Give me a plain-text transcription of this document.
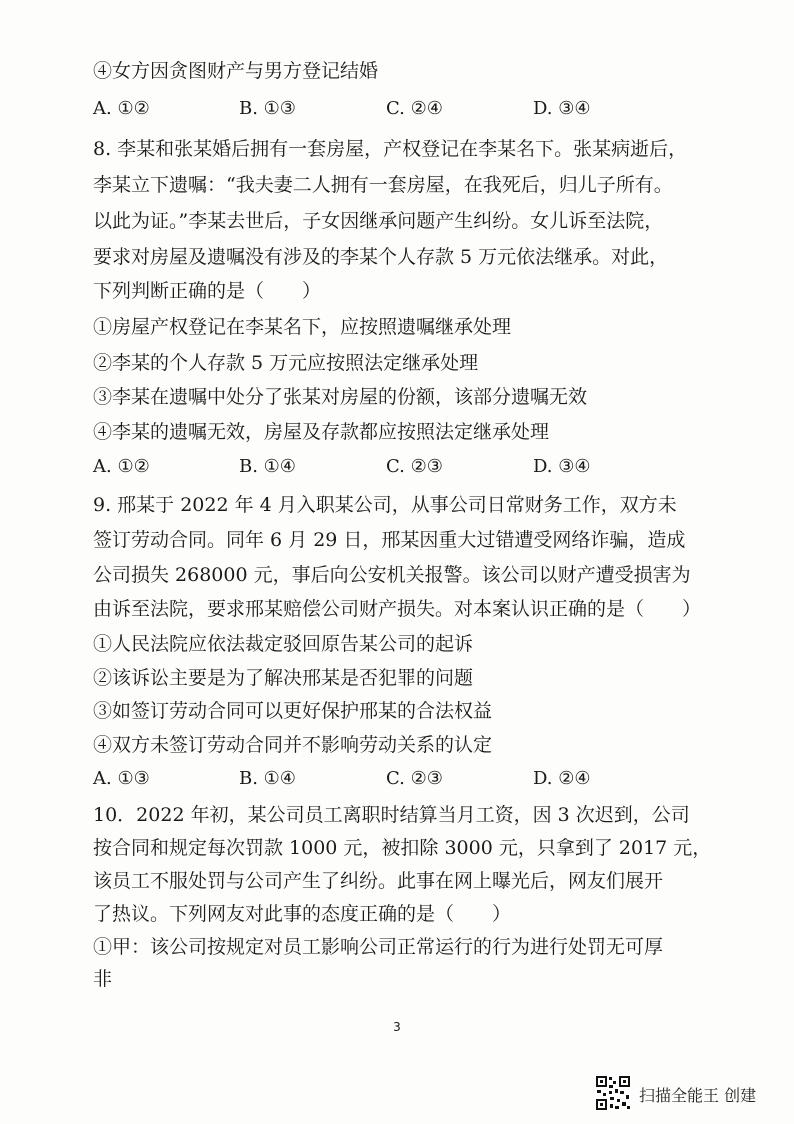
④女方因贪图财产与男方登记结婚
A. ①②	B. ①③	C. ②④	D. ③④
8. 李某和张某婚后拥有一套房屋，产权登记在李某名下。张某病逝后，
李某立下遗嘱：“我夫妻二人拥有一套房屋，在我死后，归儿子所有。
以此为证。”李某去世后，子女因继承问题产生纠纷。女儿诉至法院，
要求对房屋及遗嘱没有涉及的李某个人存款 5 万元依法继承。对此，
下列判断正确的是（　　）
①房屋产权登记在李某名下，应按照遗嘱继承处理
②李某的个人存款 5 万元应按照法定继承处理
③李某在遗嘱中处分了张某对房屋的份额，该部分遗嘱无效
④李某的遗嘱无效，房屋及存款都应按照法定继承处理
A. ①②	B. ①④	C. ②③	D. ③④
9. 邢某于 2022 年 4 月入职某公司，从事公司日常财务工作，双方未
签订劳动合同。同年 6 月 29 日，邢某因重大过错遭受网络诈骗，造成
公司损失 268000 元，事后向公安机关报警。该公司以财产遭受损害为
由诉至法院，要求邢某赔偿公司财产损失。对本案认识正确的是（　　）
①人民法院应依法裁定驳回原告某公司的起诉
②该诉讼主要是为了解决邢某是否犯罪的问题
③如签订劳动合同可以更好保护邢某的合法权益
④双方未签订劳动合同并不影响劳动关系的认定
A. ①③	B. ①④	C. ②③	D. ②④
10．2022 年初，某公司员工离职时结算当月工资，因 3 次迟到，公司
按合同和规定每次罚款 1000 元，被扣除 3000 元，只拿到了 2017 元，
该员工不服处罚与公司产生了纠纷。此事在网上曝光后，网友们展开
了热议。下列网友对此事的态度正确的是（　　）
①甲：该公司按规定对员工影响公司正常运行的行为进行处罚无可厚
非
3
扫描全能王 创建
